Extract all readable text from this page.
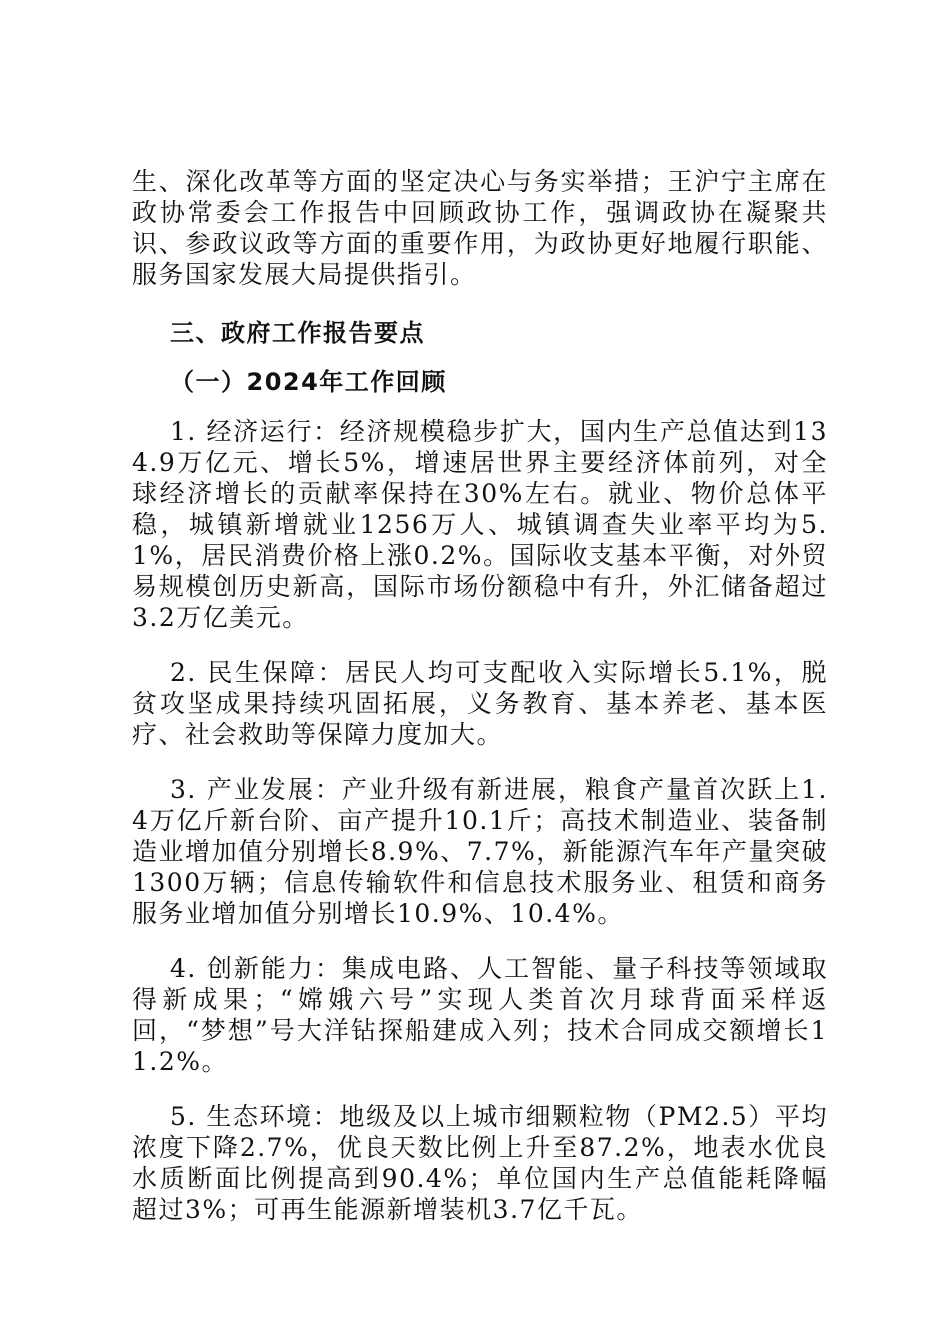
生、深化改革等方面的坚定决心与务实举措；王沪宁主席在政协常委会工作报告中回顾政协工作，强调政协在凝聚共识、参政议政等方面的重要作用，为政协更好地履行职能、服务国家发展大局提供指引。

三、政府工作报告要点
（一）2024年工作回顾

1. 经济运行：经济规模稳步扩大，国内生产总值达到134.9万亿元、增长5%，增速居世界主要经济体前列，对全球经济增长的贡献率保持在30%左右。就业、物价总体平稳，城镇新增就业1256万人、城镇调查失业率平均为5.1%，居民消费价格上涨0.2%。国际收支基本平衡，对外贸易规模创历史新高，国际市场份额稳中有升，外汇储备超过3.2万亿美元。

2. 民生保障：居民人均可支配收入实际增长5.1%，脱贫攻坚成果持续巩固拓展，义务教育、基本养老、基本医疗、社会救助等保障力度加大。

3. 产业发展：产业升级有新进展，粮食产量首次跃上1.4万亿斤新台阶、亩产提升10.1斤；高技术制造业、装备制造业增加值分别增长8.9%、7.7%，新能源汽车年产量突破1300万辆；信息传输软件和信息技术服务业、租赁和商务服务业增加值分别增长10.9%、10.4%。

4. 创新能力：集成电路、人工智能、量子科技等领域取得新成果；“嫦娥六号”实现人类首次月球背面采样返回，“梦想”号大洋钻探船建成入列；技术合同成交额增长11.2%。

5. 生态环境：地级及以上城市细颗粒物（PM2.5）平均浓度下降2.7%，优良天数比例上升至87.2%，地表水优良水质断面比例提高到90.4%；单位国内生产总值能耗降幅超过3%；可再生能源新增装机3.7亿千瓦。
